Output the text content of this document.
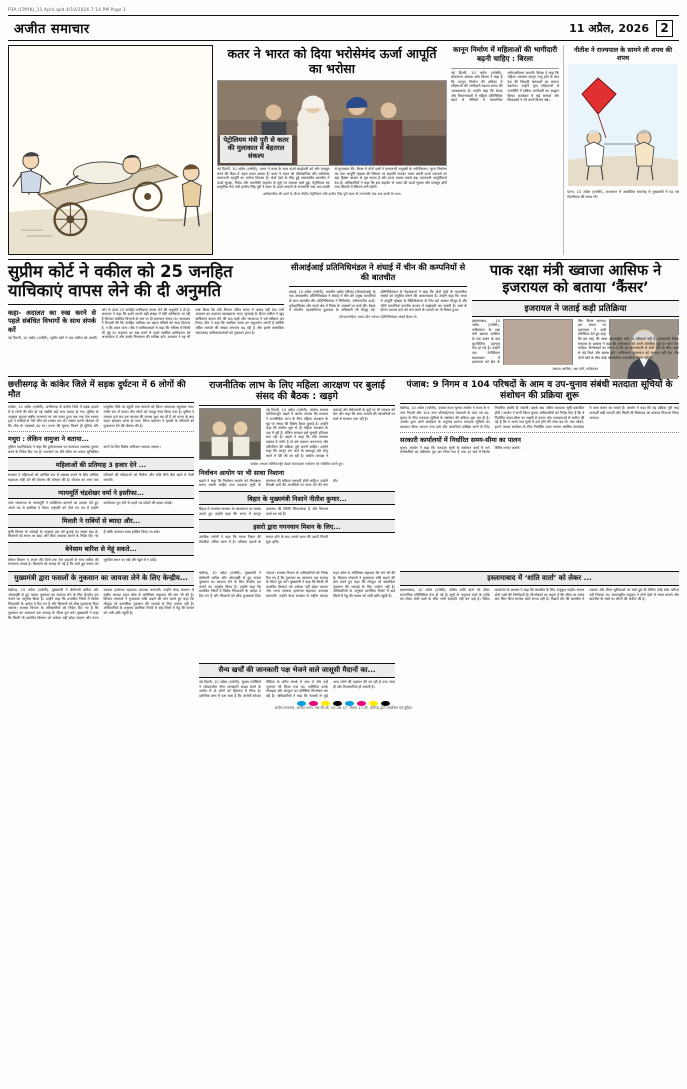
P3A (CMYK)_11 April.qxd 4/10/2026 7:14 PM Page 1
अजीत समाचार	11 अप्रैल, 2026 2

कतर ने भारत को दिया भरोसेमंद ऊर्जा आपूर्ति का भरोसा
पेट्रोलियम मंत्री पुरी से कतर की मुलाकात में बेहतरल संकल्प
नई दिल्ली, 10 अप्रैल (एजेंसी)- भारत ने कतर के साथ ऊर्जा साझेदारी को और मजबूत करने की दिशा में अहम कदम उठाया है। कतर ने भारत को दीर्घकालिक और भरोसेमंद एलएनजी आपूर्ति का भरोसा दिलाया है। दोनों देशों के बीच हुई उच्चस्तरीय बातचीत में ऊर्जा सुरक्षा, निवेश और तकनीकी सहयोग के मुद्दों पर व्यापक चर्चा हुई। पेट्रोलियम एवं प्राकृतिक गैस मंत्री हरदीप सिंह पुरी ने कतर के ऊर्जा मामलों के राज्यमंत्री साद अल-काबी से मुलाकात की। बैठक में दोनों पक्षों ने एलएनजी अनुबंधों के नवीनीकरण, मूल्य निर्धारण तंत्र तथा आपूर्ति शृंखला की स्थिरता पर सहमति जताई। भारत अपनी ऊर्जा जरूरतों का बड़ा हिस्सा आयात से पूरा करता है और कतर उसका सबसे बड़ा एलएनजी आपूर्तिकर्ता देश है। अधिकारियों ने कहा कि इस सहयोग से भारत की ऊर्जा सुरक्षा और मजबूत होगी तथा कीमतों में स्थिरता बनी रहेगी।
आधिकारिक की बातों के दौरान केंद्रीय पेट्रोलियम मंत्री हरदीप सिंह पुरी कतर के राज्यमंत्री साद अल-काबी के साथ।
कानून निर्माण में महिलाओं की भागीदारी बढ़नी चाहिए : बिरला
नई दिल्ली, 10 अप्रैल (एजेंसी)- लोकसभा अध्यक्ष ओम बिरला ने कहा है कि कानून निर्माण की प्रक्रिया में महिलाओं की भागीदारी बढ़ाना समय की आवश्यकता है। उन्होंने कहा कि संसद और विधानमंडलों में महिला प्रतिनिधित्व बढ़ने से नीतियों में सामाजिक संवेदनशीलता आएगी। बिरला ने कहा कि महिला आरक्षण कानून लागू होने के बाद देश की विधायी संस्थाओं का स्वरूप बदलेगा। उन्होंने युवा महिलाओं से राजनीति में सक्रिय भागीदारी का आह्वान किया। कार्यक्रम में कई सांसदों और विधायकों ने भी अपने विचार रखे।
नीतीश ने राज्यपाल के सामने ली शपथ की शपथ
पटना, 10 अप्रैल (एजेंसी)- राजभवन में आयोजित समारोह में मुख्यमंत्री ने पद एवं गोपनीयता की शपथ ली।
सुप्रीम कोर्ट ने वकील को 25 जनहित याचिकाएं वापस लेने की दी अनुमति
कहा- अदालत का रुख करने से पहले संबंधित विभागों के साथ संपर्क करें
नई दिल्ली, 10 अप्रैल (एजेंसी)- सुप्रीम कोर्ट ने एक वकील को उसकी ओर से दायर 25 जनहित याचिकाएं वापस लेने की अनुमति दे दी है। अदालत ने कहा कि हमारे सामने बड़ी संख्या में ऐसी याचिकाएं आ रही हैं जिनका संबंधित विभागों के स्तर पर ही समाधान संभव था। न्यायालय ने टिप्पणी की कि जनहित याचिका का उद्देश्य वंचितों को न्याय दिलाना है, न कि प्रचार पाना। पीठ ने याचिकाकर्ता से कहा कि भविष्य में किसी भी मुद्दे पर अदालत का रुख करने से पहले संबंधित प्राधिकरण को अभ्यावेदन दें और उसके निस्तारण की प्रतीक्षा करें। अदालत ने यह भी स्पष्ट किया कि यदि विभाग उचित समय में जवाब नहीं देता तभी अदालत का दरवाजा खटखटाया जाए। सुनवाई के दौरान वकील ने खुद याचिकाएं वापस लेने की बात कही और न्यायालय ने उसे स्वीकार कर लिया। पीठ ने कहा कि न्यायिक समय का सदुपयोग जरूरी है क्योंकि लंबित मामलों की संख्या लगातार बढ़ रही है और इससे वास्तविक जरूरतमंद याचिकाकर्ताओं को नुकसान होता है।
सीआईआई प्रतिनिधिमंडल ने शंघाई में चीन की कम्पनियों से की बातचीत
शंघाई, 10 अप्रैल (एजेंसी)- भारतीय उद्योग परिसंघ (सीआईआई) के एक उच्चस्तरीय प्रतिनिधिमंडल ने शंघाई में चीन की प्रमुख कम्पनियों के साथ बातचीत की। प्रतिनिधिमंडल ने विनिर्माण, नवीकरणीय ऊर्जा, इलेक्ट्रॉनिक्स और फार्मा क्षेत्र में निवेश के अवसरों पर चर्चा की। बैठक में भारतीय महावाणिज्य दूतावास के अधिकारी भी मौजूद रहे। प्रतिनिधिमंडल के नेतृत्वकर्ता ने कहा कि दोनों देशों के व्यापारिक संबंधों को संतुलित बनाने की आवश्यकता है। उन्होंने कहा कि भारत में आपूर्ति शृंखला के विविधीकरण के लिए बड़े अवसर मौजूद हैं और चीनी कम्पनियां भारतीय बाजार में साझेदारी कर सकती हैं। चर्चा के दौरान व्यापार घाटे को कम करने के उपायों पर भी विचार हुआ।
(कैप्शनसहित) भारत-चीन व्यापार प्रतिनिधिमंडल शंघाई बैठक में।
पाक रक्षा मंत्री ख्वाजा आसिफ ने इजरायल को बताया ‘कैंसर’
इजरायल ने जताई कड़ी प्रतिक्रिया
इस्लामाबाद, 10 अप्रैल (एजेंसी)- पाकिस्तान के रक्षा मंत्री ख्वाजा आसिफ के एक बयान के बाद कूटनीतिक हलचल तेज हो गई है। उन्होंने एक टेलीविजन साक्षात्कार में इजरायल को क्षेत्र के लिए ‘कैंसर’ बताया। इस बयान पर इजरायल ने कड़ी प्रतिक्रिया देते हुए कहा कि इस तरह की भाषा अंतरराष्ट्रीय मंचों पर स्वीकार्य नहीं है। इजरायली विदेश मंत्रालय के प्रवक्ता ने कहा कि पाकिस्तान को अपने आंतरिक मुद्दों पर ध्यान देना चाहिए। विश्लेषकों का मानना है कि इस बयानबाजी से दोनों देशों के बीच पहले से ठंडे रिश्ते और खराब होंगे। पाकिस्तान इजरायल को मान्यता नहीं देता और दोनों देशों के बीच कोई औपचारिक राजनयिक संबंध नहीं हैं।
ख्वाजा आसिफ, रक्षा मंत्री, पाकिस्तान
छत्तीसगढ़ के कांकेर जिले में सड़क दुर्घटना में 6 लोगों की मौत
कांकेर, 10 अप्रैल (एजेंसी)- छत्तीसगढ़ के कांकेर जिले में सड़क हादसे में 6 लोगों की मौत हो गई जबकि कई अन्य घायल हो गए। पुलिस के अनुसार हादसा राष्ट्रीय राजमार्ग पर उस समय हुआ जब एक तेज रफ्तार ट्रक ने यात्रियों से भरी जीप को टक्कर मार दी। टक्कर इतनी जोरदार थी कि जीप के परखच्चे उड़ गए। घटना की सूचना मिलते ही पुलिस और एम्बुलेंस मौके पर पहुंची तथा घायलों को जिला अस्पताल पहुंचाया गया। गंभीर रूप से घायल तीन लोगों को रायपुर रेफर किया गया है। पुलिस ने मामला दर्ज कर ट्रक चालक की तलाश शुरू कर दी है जो घटना के बाद वाहन छोड़कर फरार हो गया। जिला प्रशासन ने मृतकों के परिजनों को मुआवजा देने की घोषणा की है।
मथुरा : लेकिन वामुजा ने बताया...
पुलिस महानिदेशक ने कहा कि दुर्घटनास्थल पर यातायात व्यवस्था दुरुस्त करने के निर्देश दिए गए हैं। राजमार्ग पर गति सीमा का पालन सुनिश्चित करने के लिए विशेष अभियान चलाया जाएगा।
महिलाओं की प्रतिमाह 3 हजार देने ...
सरकार ने महिलाओं को आर्थिक रूप से सशक्त बनाने के लिए मासिक सहायता राशि देने की योजना की घोषणा की है। योजना का लाभ पात्र परिवारों की महिलाओं को मिलेगा और राशि सीधे बैंक खाते में भेजी जाएगी।
न्यायमूर्ति चंद्रशेखर वर्मा ने इस्तीफा...
उच्च न्यायालय के न्यायमूर्ति ने व्यक्तिगत कारणों का हवाला देते हुए अपने पद से इस्तीफा दे दिया। राष्ट्रपति को भेजे गए पत्र में उन्होंने कार्यकाल पूरा होने से पहले पद छोड़ने की इच्छा जताई।
मिलती ने राबिंयों से ब्यादा और...
कृषि विभाग के आंकड़ों के अनुसार इस वर्ष बुआई का रकबा बढ़ा है। किसानों को समय पर खाद और बीज उपलब्ध कराने के निर्देश दिए गए हैं ताकि उत्पादन लक्ष्य हासिल किया जा सके।
बेनेसाम बारिश से मेहूं सकते...
मौसम विभाग ने अगले तीन दिनों तक तेज हवाओं के साथ बारिश की संभावना जताई है। किसानों को सलाह दी गई है कि कटी हुई फसल को सुरक्षित स्थान पर रखें और खुले में न छोड़ें।
राजनीतिक लाभ के लिए महिला आरक्षण पर बुलाई संसद की बैठक : खड़गे
नई दिल्ली, 10 अप्रैल (एजेंसी)- कांग्रेस अध्यक्ष मल्लिकार्जुन खड़गे ने आरोप लगाया कि सरकार ने राजनीतिक लाभ के लिए महिला आरक्षण के मुद्दे पर संसद की विशेष बैठक बुलाई है। उन्होंने कहा कि कांग्रेस शुरू से ही महिला आरक्षण के पक्ष में रही है, लेकिन सरकार इसे चुनावी हथियार बना रही है। खड़गे ने कहा कि यदि सरकार वास्तव में गंभीर है तो उसे तत्काल जनगणना और परिसीमन की प्रक्रिया पूरी करनी चाहिए। उन्होंने कहा कि कानून बन जाने के बावजूद उसे लागू करने में देरी की जा रही है। कांग्रेस अध्यक्ष ने महंगाई और बेरोजगारी के मुद्दों पर भी सरकार को घेरा और कहा कि आम आदमी की परेशानियों पर चर्चा से सरकार भाग रही है।
कांग्रेस अध्यक्ष मल्लिकार्जुन खड़गे संवाददाता सम्मेलन को संबोधित करते हुए।
निर्वाचन आयोग पर भी साधा निशाना
खड़गे ने कहा कि निर्वाचन आयोग को निष्पक्षता बनाए रखनी चाहिए तथा मतदाता सूची के संशोधन की प्रक्रिया पारदर्शी होनी चाहिए। उन्होंने विपक्षी दलों की आपत्तियों पर ध्यान देने की मांग की।
बिहार के मुख्यमंत्री निशाने नीतीश कुमार...
बिहार में गठबंधन सरकार के कामकाज पर सवाल उठाते हुए उन्होंने कहा कि राज्य में कानून व्यवस्था की स्थिति चिंताजनक है और विकास कार्य ठप पड़े हैं।
इसरो द्वारा गगनयान मिशन के लिए...
अंतरिक्ष एजेंसी ने कहा कि मानव मिशन की तैयारियां अंतिम चरण में हैं। परीक्षण उड़ानों के सफल होने के बाद अगले चरण की उलटी गिनती शुरू होगी।
पंजाब: 9 निगम व 104 परिषदों के आम व उप-चुनाव संबंधी मतदाता सूचियों के संशोधन की प्रक्रिया शुरू
चंडीगढ़, 10 अप्रैल (एजेंसी)- पंजाब राज्य चुनाव आयोग ने राज्य के 9 नगर निगमों और 104 नगर परिषदों/नगर पंचायतों के आम एवं उप-चुनाव के लिए मतदाता सूचियों के संशोधन की प्रक्रिया शुरू कर दी है। आयोग द्वारा जारी कार्यक्रम के अनुसार प्रारूप मतदाता सूचियों का प्रकाशन किया जाएगा तथा दावे और आपत्तियां दाखिल करने के लिए निर्धारित अवधि दी जाएगी। इसके बाद अंतिम मतदाता सूची प्रकाशित होगी। आयोग ने सभी जिला चुनाव अधिकारियों को निर्देश दिए हैं कि वे निर्धारित समय-सीमा का सख्ती से पालन करें। मतदाताओं से अपील की गई है कि वे अपने नाम सूची में दर्ज होने की जांच कर लें। नाम जोड़ने, हटाने अथवा संशोधन के लिए निर्धारित प्रपत्र भरकर संबंधित कार्यालय में जमा कराए जा सकते हैं। आयोग ने कहा कि यह प्रक्रिया पूरी तरह पारदर्शी रखी जाएगी और किसी भी शिकायत का तत्काल निपटारा किया जाएगा।
सरकारी कार्यालयों में निर्धारित समय-सीमा का पालन
चुनाव आयोग ने कहा कि मतदाता सूची के संशोधन कार्य में लगे कर्मचारियों का प्रशिक्षण पूरा कर लिया गया है तथा हर वार्ड में विशेष शिविर लगाए जाएंगे।
मुख्यमंत्री द्वारा फसलों के नुकसान का जायजा लेने के लिए केन्द्रीय...
चंडीगढ़, 10 अप्रैल (एजेंसी)- मुख्यमंत्री ने बेमौसमी बारिश और ओलावृष्टि से हुए फसल नुकसान का जायजा लेने के लिए केन्द्रीय दल भेजने का अनुरोध किया है। उन्होंने कहा कि प्रभावित जिलों में विशेष गिरदावरी के आदेश दे दिए गए हैं और किसानों को शीघ्र मुआवजा दिया जाएगा। राजस्व विभाग के अधिकारियों को निर्देश दिए गए हैं कि नुकसान का आकलन एक सप्ताह के भीतर पूरा करें। मुख्यमंत्री ने कहा कि किसी भी प्रभावित किसान को अकेला नहीं छोड़ा जाएगा और राज्य सरकार हरसंभव सहायता उपलब्ध कराएगी। उन्होंने केन्द्र सरकार से राष्ट्रीय आपदा राहत कोष से अतिरिक्त सहायता की मांग भी की है। किसान संगठनों ने मुआवजा राशि बढ़ाने की मांग करते हुए कहा कि मौजूदा दरें वास्तविक नुकसान की भरपाई के लिए पर्याप्त नहीं हैं। अधिकारियों के अनुसार प्रारंभिक रिपोर्ट में कई जिलों में गेहूं की फसल को भारी क्षति पहुंची है।
चंडीगढ़, 10 अप्रैल (एजेंसी)- मुख्यमंत्री ने बेमौसमी बारिश और ओलावृष्टि से हुए फसल नुकसान का जायजा लेने के लिए केन्द्रीय दल भेजने का अनुरोध किया है। उन्होंने कहा कि प्रभावित जिलों में विशेष गिरदावरी के आदेश दे दिए गए हैं और किसानों को शीघ्र मुआवजा दिया जाएगा। राजस्व विभाग के अधिकारियों को निर्देश दिए गए हैं कि नुकसान का आकलन एक सप्ताह के भीतर पूरा करें। मुख्यमंत्री ने कहा कि किसी भी प्रभावित किसान को अकेला नहीं छोड़ा जाएगा और राज्य सरकार हरसंभव सहायता उपलब्ध कराएगी। उन्होंने केन्द्र सरकार से राष्ट्रीय आपदा राहत कोष से अतिरिक्त सहायता की मांग भी की है। किसान संगठनों ने मुआवजा राशि बढ़ाने की मांग करते हुए कहा कि मौजूदा दरें वास्तविक नुकसान की भरपाई के लिए पर्याप्त नहीं हैं। अधिकारियों के अनुसार प्रारंभिक रिपोर्ट में कई जिलों में गेहूं की फसल को भारी क्षति पहुंची है।
सैन्य खर्चों की जानकारी पक्ष भेजने वाले जासूसी मैदानों का...
नई दिल्ली, 10 अप्रैल (एजेंसी)- सुरक्षा एजेंसियों ने संवेदनशील सैन्य जानकारी साझा करने के आरोप में दो लोगों को हिरासत में लिया है। प्रारंभिक जांच में पता चला है कि आरोपी सोशल मीडिया के जरिए संपर्क में आए थे और उन्हें भुगतान भी किया गया था। एजेंसियां उनके मोबाइल और कंप्यूटर का फॉरेंसिक विश्लेषण कर रही हैं। अधिकारियों ने कहा कि नेटवर्क से जुड़े अन्य लोगों की पहचान की जा रही है तथा जल्द ही और गिरफ्तारियां हो सकती हैं।
इस्लामाबाद में ‘शांति वार्ता’ को लेकर ...
इस्लामाबाद, 10 अप्रैल (एजेंसी)- क्षेत्रीय शांति वार्ता को लेकर राजनयिक गतिविधियां तेज हो गई हैं। सूत्रों के अनुसार वार्ता के एजेंडे को लेकर दोनों पक्षों के बीच अभी सहमति नहीं बन पाई है। विदेश कार्यालय के प्रवक्ता ने कहा कि बातचीत के लिए अनुकूल माहौल बनाना दोनों पक्षों की जिम्मेदारी है। विश्लेषकों का कहना है कि सीमा पर तनाव कम किए बिना सार्थक वार्ता संभव नहीं है। पिछले दौर की बातचीत में व्यापार और वीजा सुविधाओं पर चर्चा हुई थी लेकिन कोई ठोस नतीजा नहीं निकला था। अंतरराष्ट्रीय समुदाय ने दोनों देशों से संयम बरतने और बातचीत के रास्ते पर लौटने की अपील की है।
अजीत समाचार, अजीत भवन, एस.सी.ओ. 55-56-57, सेक्टर 17-सी, चंडीगढ़ द्वारा प्रकाशित एवं मुद्रित।
